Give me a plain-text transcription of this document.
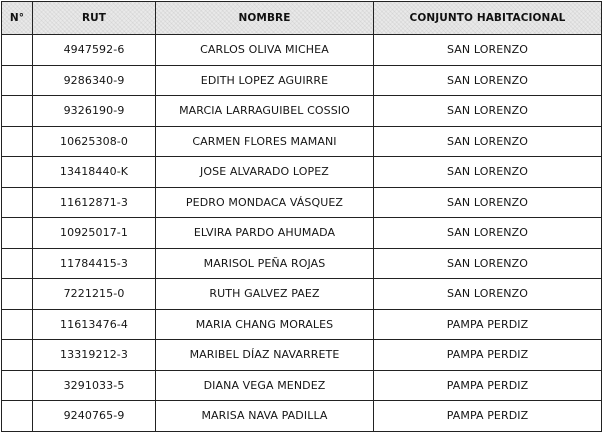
N°	RUT	NOMBRE	CONJUNTO HABITACIONAL
	4947592-6	CARLOS OLIVA MICHEA	SAN LORENZO
	9286340-9	EDITH LOPEZ AGUIRRE	SAN LORENZO
	9326190-9	MARCIA LARRAGUIBEL COSSIO	SAN LORENZO
	10625308-0	CARMEN FLORES MAMANI	SAN LORENZO
	13418440-K	JOSE ALVARADO LOPEZ	SAN LORENZO
	11612871-3	PEDRO MONDACA VÁSQUEZ	SAN LORENZO
	10925017-1	ELVIRA PARDO AHUMADA	SAN LORENZO
	11784415-3	MARISOL PEÑA ROJAS	SAN LORENZO
	7221215-0	RUTH GALVEZ PAEZ	SAN LORENZO
	11613476-4	MARIA CHANG MORALES	PAMPA PERDIZ
	13319212-3	MARIBEL DÍAZ NAVARRETE	PAMPA PERDIZ
	3291033-5	DIANA VEGA MENDEZ	PAMPA PERDIZ
	9240765-9	MARISA NAVA PADILLA	PAMPA PERDIZ
